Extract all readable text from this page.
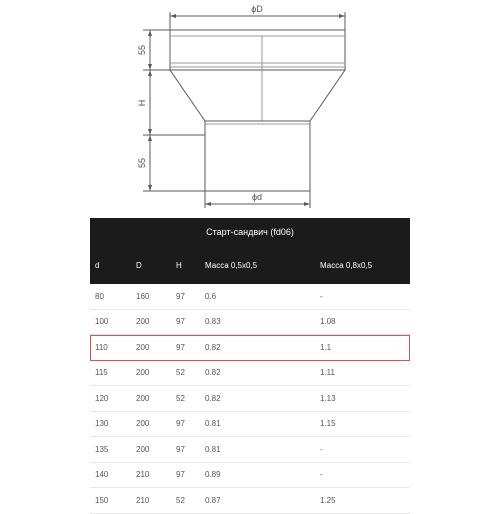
ϕD
ϕd
55
H
55
Старт-сандвич (fd06)
d	D	H	Масса 0,5x0,5	Масса 0,8x0,5
80	160	97	0.6	-
100	200	97	0.83	1.08
110	200	97	0.82	1.1
115	200	52	0.82	1.11
120	200	52	0.82	1.13
130	200	97	0.81	1.15
135	200	97	0.81	-
140	210	97	0.89	-
150	210	52	0.87	1.25
